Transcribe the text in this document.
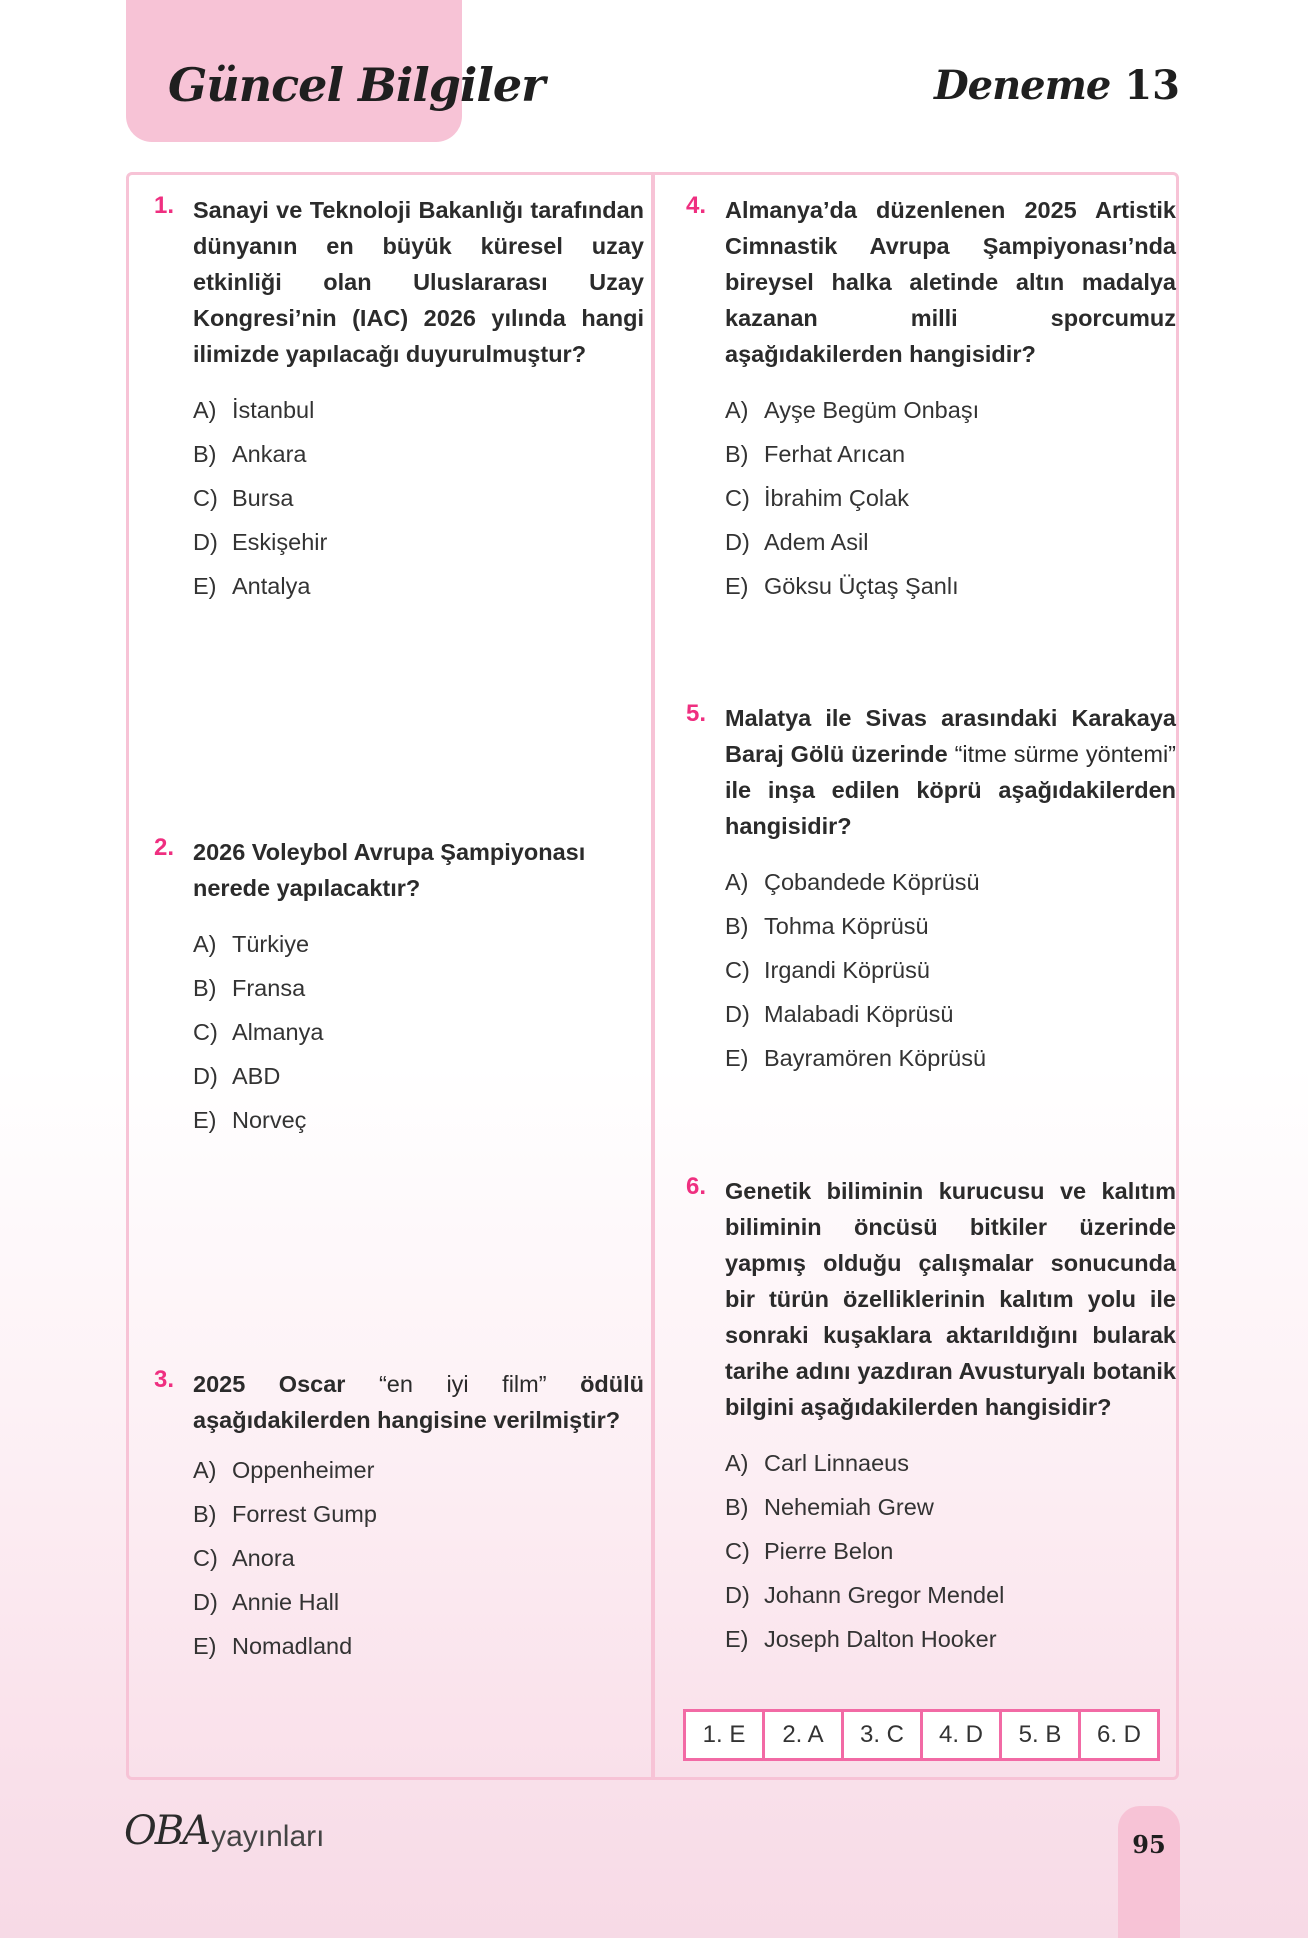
Güncel Bilgiler	Deneme 13
1. Sanayi ve Teknoloji Bakanlığı tarafından dünyanın en büyük küresel uzay etkinliği olan Uluslararası Uzay Kongresi’nin (IAC) 2026 yılında hangi ilimizde yapılacağı duyurulmuştur?

A) İstanbul
B) Ankara
C) Bursa
D) Eskişehir
E) Antalya
2. 2026 Voleybol Avrupa Şampiyonası nerede yapılacaktır?

A) Türkiye
B) Fransa
C) Almanya
D) ABD
E) Norveç
3. 2025 Oscar “en iyi film” ödülü aşağıdakilerden hangisine verilmiştir?

A) Oppenheimer
B) Forrest Gump
C) Anora
D) Annie Hall
E) Nomadland
4. Almanya’da düzenlenen 2025 Artistik Cimnastik Avrupa Şampiyonası’nda bireysel halka aletinde altın madalya kazanan milli sporcumuz aşağıdakilerden hangisidir?

A) Ayşe Begüm Onbaşı
B) Ferhat Arıcan
C) İbrahim Çolak
D) Adem Asil
E) Göksu Üçtaş Şanlı
5. Malatya ile Sivas arasındaki Karakaya Baraj Gölü üzerinde “itme sürme yöntemi” ile inşa edilen köprü aşağıdakilerden hangisidir?

A) Çobandede Köprüsü
B) Tohma Köprüsü
C) Irgandi Köprüsü
D) Malabadi Köprüsü
E) Bayramören Köprüsü
6. Genetik biliminin kurucusu ve kalıtım biliminin öncüsü bitkiler üzerinde yapmış olduğu çalışmalar sonucunda bir türün özelliklerinin kalıtım yolu ile sonraki kuşaklara aktarıldığını bularak tarihe adını yazdıran Avusturyalı botanik bilgini aşağıdakilerden hangisidir?

A) Carl Linnaeus
B) Nehemiah Grew
C) Pierre Belon
D) Johann Gregor Mendel
E) Joseph Dalton Hooker
1. E	2. A	3. C	4. D	5. B	6. D
OBA yayınları	95
